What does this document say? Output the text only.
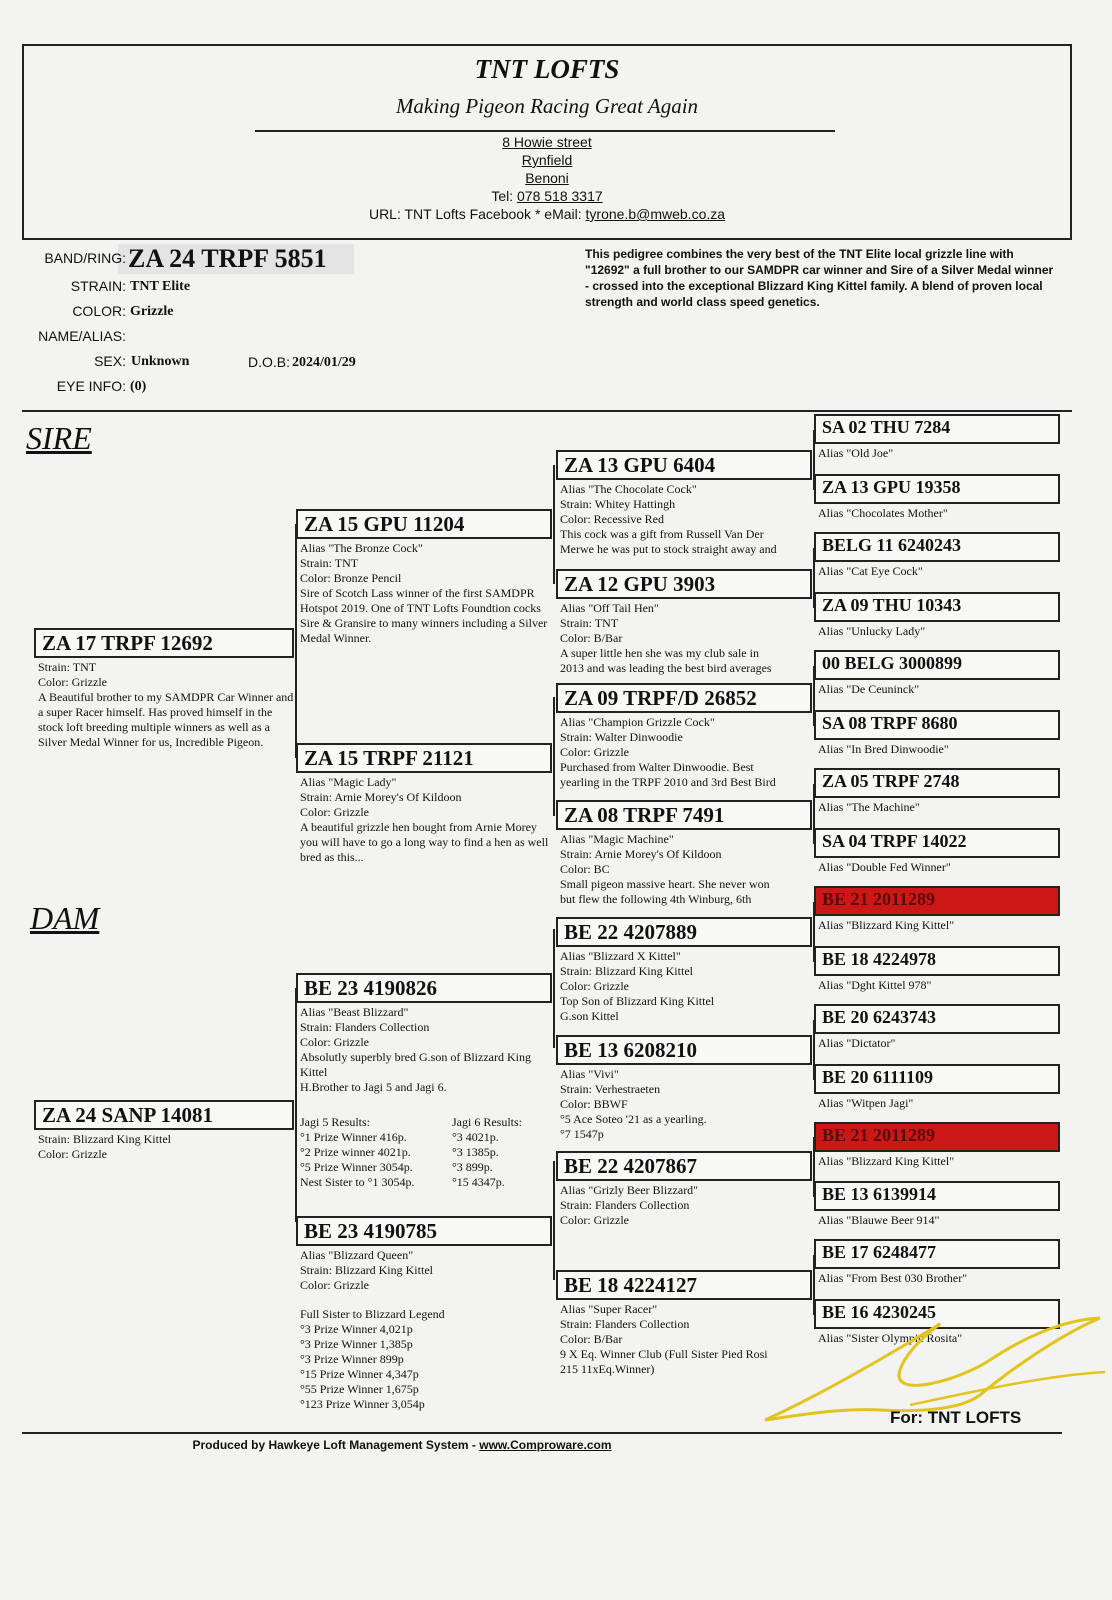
TNT LOFTS
Making Pigeon Racing Great Again
8 Howie street
Rynfield
Benoni
Tel: 078 518 3317
URL: TNT Lofts Facebook * eMail: tyrone.b@mweb.co.za
BAND/RING: ZA 24 TRPF 5851
STRAIN: TNT Elite
COLOR: Grizzle
NAME/ALIAS:
SEX: Unknown	D.O.B: 2024/01/29
EYE INFO: (0)
This pedigree combines the very best of the TNT Elite local grizzle line with "12692" a full brother to our SAMDPR car winner and Sire of a Silver Medal winner - crossed into the exceptional Blizzard King Kittel family. A blend of proven local strength and world class speed genetics.
SIRE
DAM
ZA 17 TRPF 12692
Strain: TNT
Color: Grizzle
A Beautiful brother to my SAMDPR Car Winner and a super Racer himself. Has proved himself in the stock loft breeding multiple winners as well as a Silver Medal Winner for us, Incredible Pigeon.
ZA 24 SANP 14081
Strain: Blizzard King Kittel
Color: Grizzle
ZA 15 GPU 11204
Alias "The Bronze Cock"
Strain: TNT
Color: Bronze Pencil
Sire of Scotch Lass winner of the first SAMDPR Hotspot 2019. One of TNT Lofts Foundtion cocks Sire & Gransire to many winners including a Silver Medal Winner.
ZA 15 TRPF 21121
Alias "Magic Lady"
Strain: Arnie Morey's Of Kildoon
Color: Grizzle
A beautiful grizzle hen bought from Arnie Morey you will have to go a long way to find a hen as well bred as this...
BE 23 4190826
Alias "Beast Blizzard"
Strain: Flanders Collection
Color: Grizzle
Absolutly superbly bred G.son of Blizzard King Kittel
H.Brother to Jagi 5 and Jagi 6.
Jagi 5 Results:
°1 Prize Winner 416p.
°2 Prize winner 4021p.
°5 Prize Winner 3054p.
Nest Sister to °1 3054p.
Jagi 6 Results:
°3 4021p.
°3 1385p.
°3 899p.
°15 4347p.
BE 23 4190785
Alias "Blizzard Queen"
Strain: Blizzard King Kittel
Color: Grizzle
Full Sister to Blizzard Legend
°3 Prize Winner 4,021p
°3 Prize Winner 1,385p
°3 Prize Winner 899p
°15 Prize Winner 4,347p
°55 Prize Winner 1,675p
°123 Prize Winner 3,054p
ZA 13 GPU 6404
Alias "The Chocolate Cock"
Strain: Whitey Hattingh
Color: Recessive Red
This cock was a gift from Russell Van Der
Merwe he was put to stock straight away and
ZA 12 GPU 3903
Alias "Off Tail Hen"
Strain: TNT
Color: B/Bar
A super little hen she was my club sale in
2013 and was leading the best bird averages
ZA 09 TRPF/D 26852
Alias "Champion Grizzle Cock"
Strain: Walter Dinwoodie
Color: Grizzle
Purchased from Walter Dinwoodie. Best
yearling in the TRPF 2010 and 3rd Best Bird
ZA 08 TRPF 7491
Alias "Magic Machine"
Strain: Arnie Morey's Of Kildoon
Color: BC
Small pigeon massive heart. She never won
but flew the following 4th Winburg, 6th
BE 22 4207889
Alias "Blizzard X Kittel"
Strain: Blizzard King Kittel
Color: Grizzle
Top Son of Blizzard King Kittel
G.son Kittel
BE 13 6208210
Alias "Vivi"
Strain: Verhestraeten
Color: BBWF
°5 Ace Soteo '21 as a yearling.
°7 1547p
BE 22 4207867
Alias "Grizly Beer Blizzard"
Strain: Flanders Collection
Color: Grizzle
BE 18 4224127
Alias "Super Racer"
Strain: Flanders Collection
Color: B/Bar
9 X Eq. Winner Club (Full Sister Pied Rosi
215 11xEq.Winner)
SA 02 THU 7284
Alias "Old Joe"
ZA 13 GPU 19358
Alias "Chocolates Mother"
BELG 11 6240243
Alias "Cat Eye Cock"
ZA 09 THU 10343
Alias "Unlucky Lady"
00 BELG 3000899
Alias "De Ceuninck"
SA 08 TRPF 8680
Alias "In Bred Dinwoodie"
ZA 05 TRPF 2748
Alias "The Machine"
SA 04 TRPF 14022
Alias "Double Fed Winner"
BE 21 2011289
Alias "Blizzard King Kittel"
BE 18 4224978
Alias "Dght Kittel 978"
BE 20 6243743
Alias "Dictator"
BE 20 6111109
Alias "Witpen Jagi"
BE 21 2011289
Alias "Blizzard King Kittel"
BE 13 6139914
Alias "Blauwe Beer 914"
BE 17 6248477
Alias "From Best 030 Brother"
BE 16 4230245
Alias "Sister Olympic Rosita"
For: TNT LOFTS
Produced by Hawkeye Loft Management System - www.Comproware.com
